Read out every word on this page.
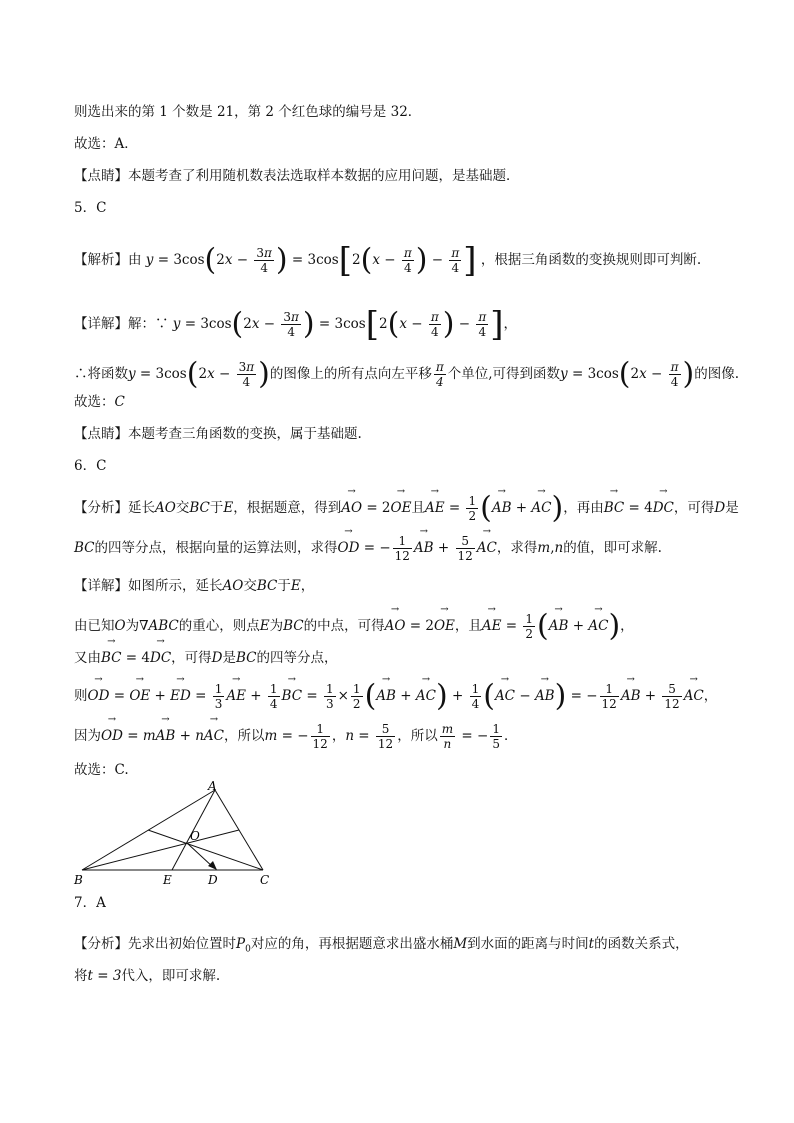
则选出来的第 1 个数是 21，第 2 个红色球的编号是 32．
故选：A．
【点睛】本题考查了利用随机数表法选取样本数据的应用问题，是基础题．
5．C
【解析】由 $y = 3\cos(2x - \frac{3\pi}{4}$ ) = $3\cos[2(x - \frac{\pi}{4}$ ) − $\frac{\pi}{4}$ ] ，根据三角函数的变换规则即可判断.
【详解】解：∵ $y = 3\cos(2x - \frac{3\pi}{4}$ ) = $3\cos[2(x - \frac{\pi}{4}$ ) − $\frac{\pi}{4}$ ]，
∴将函数$y = 3\cos(2x - \frac{3\pi}{4}$ )的图像上的所有点向左平移 $\frac{\pi}{4}$ 个单位,可得到函数$y = 3\cos(2x - \frac{\pi}{4}$ )的图像.
故选：C
【点睛】本题考查三角函数的变换，属于基础题.
6．C
【分析】延长AO交BC于E，根据题意，得到→ AO = 2→ OE且→ AE = $\frac{1}{2}$ (→ AB + → AC)，再由→ BC = 4→ DC，可得D是
BC的四等分点，根据向量的运算法则，求得→ OD = − $\frac{1}{12}$ → AB + $\frac{5}{12}$ → AC，求得m,n的值，即可求解.
【详解】如图所示，延长AO交BC于E，
由已知O为∇ABC的重心，则点E为BC的中点，可得→ AO = 2→ OE，且→ AE = $\frac{1}{2}$ (→ AB + → AC)，
又由→ BC = 4→ DC，可得D是BC的四等分点，
则→ OD = → OE + → ED = $\frac{1}{3}$ → AE + $\frac{1}{4}$ → BC = $\frac{1}{3} \times \frac{1}{2}$ (→ AB + → $AC) + \frac{1}{4}$ (→ AC − → AB) = − $\frac{1}{12}$ → AB + $\frac{5}{12}$ → AC，
因为→ OD = m→ AB + n→ AC，所以m = − $\frac{1}{12}$ ，$n = \frac{5}{12}$ ，所以 $\frac{m}{n}$ = − $\frac{1}{5}$ ．
故选：C.
A
O
B	E	D	C
7．A
【分析】先求出初始位置时$P_0$对应的角，再根据题意求出盛水桶M到水面的距离与时间t的函数关系式，
将t = 3代入，即可求解.
